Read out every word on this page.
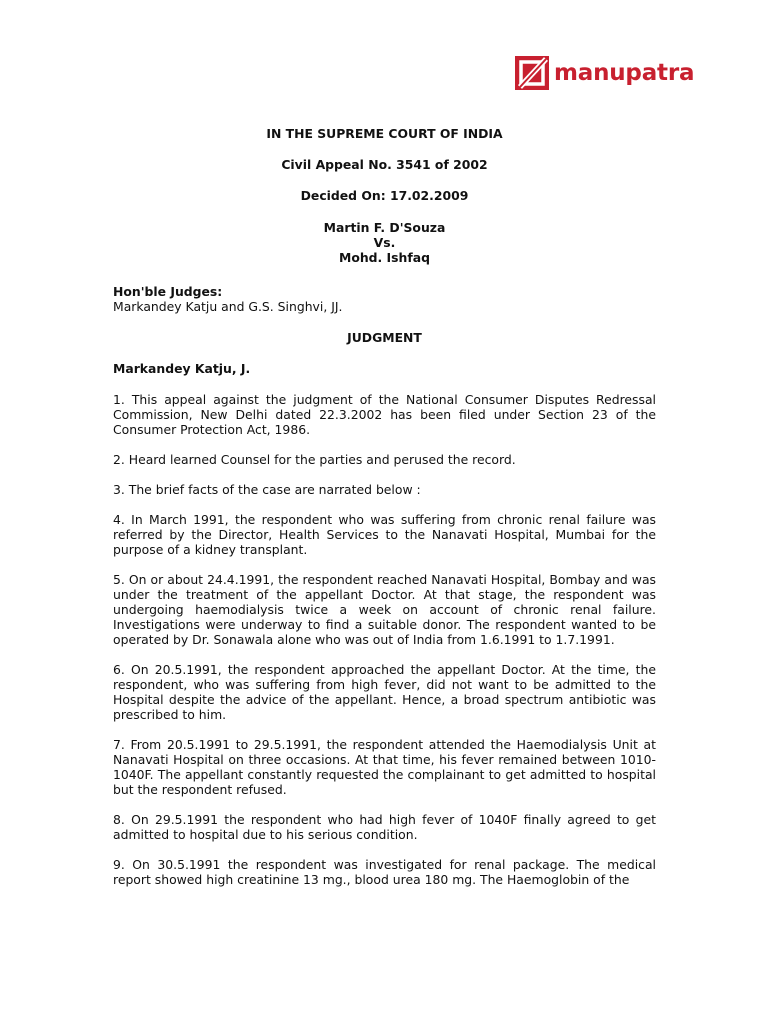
manupatra
IN THE SUPREME COURT OF INDIA
Civil Appeal No. 3541 of 2002
Decided On: 17.02.2009
Martin F. D'Souza
Vs.
Mohd. Ishfaq
Hon'ble Judges:
Markandey Katju and G.S. Singhvi, JJ.
JUDGMENT
Markandey Katju, J.

1. This appeal against the judgment of the National Consumer Disputes Redressal Commission, New Delhi dated 22.3.2002 has been filed under Section 23 of the Consumer Protection Act, 1986.

2. Heard learned Counsel for the parties and perused the record.

3. The brief facts of the case are narrated below :

4. In March 1991, the respondent who was suffering from chronic renal failure was referred by the Director, Health Services to the Nanavati Hospital, Mumbai for the purpose of a kidney transplant.

5. On or about 24.4.1991, the respondent reached Nanavati Hospital, Bombay and was under the treatment of the appellant Doctor. At that stage, the respondent was undergoing haemodialysis twice a week on account of chronic renal failure. Investigations were underway to find a suitable donor. The respondent wanted to be operated by Dr. Sonawala alone who was out of India from 1.6.1991 to 1.7.1991.

6. On 20.5.1991, the respondent approached the appellant Doctor. At the time, the respondent, who was suffering from high fever, did not want to be admitted to the Hospital despite the advice of the appellant. Hence, a broad spectrum antibiotic was prescribed to him.

7. From 20.5.1991 to 29.5.1991, the respondent attended the Haemodialysis Unit at Nanavati Hospital on three occasions. At that time, his fever remained between 1010-1040F. The appellant constantly requested the complainant to get admitted to hospital but the respondent refused.

8. On 29.5.1991 the respondent who had high fever of 1040F finally agreed to get admitted to hospital due to his serious condition.

9. On 30.5.1991 the respondent was investigated for renal package. The medical report showed high creatinine 13 mg., blood urea 180 mg. The Haemoglobin of the
